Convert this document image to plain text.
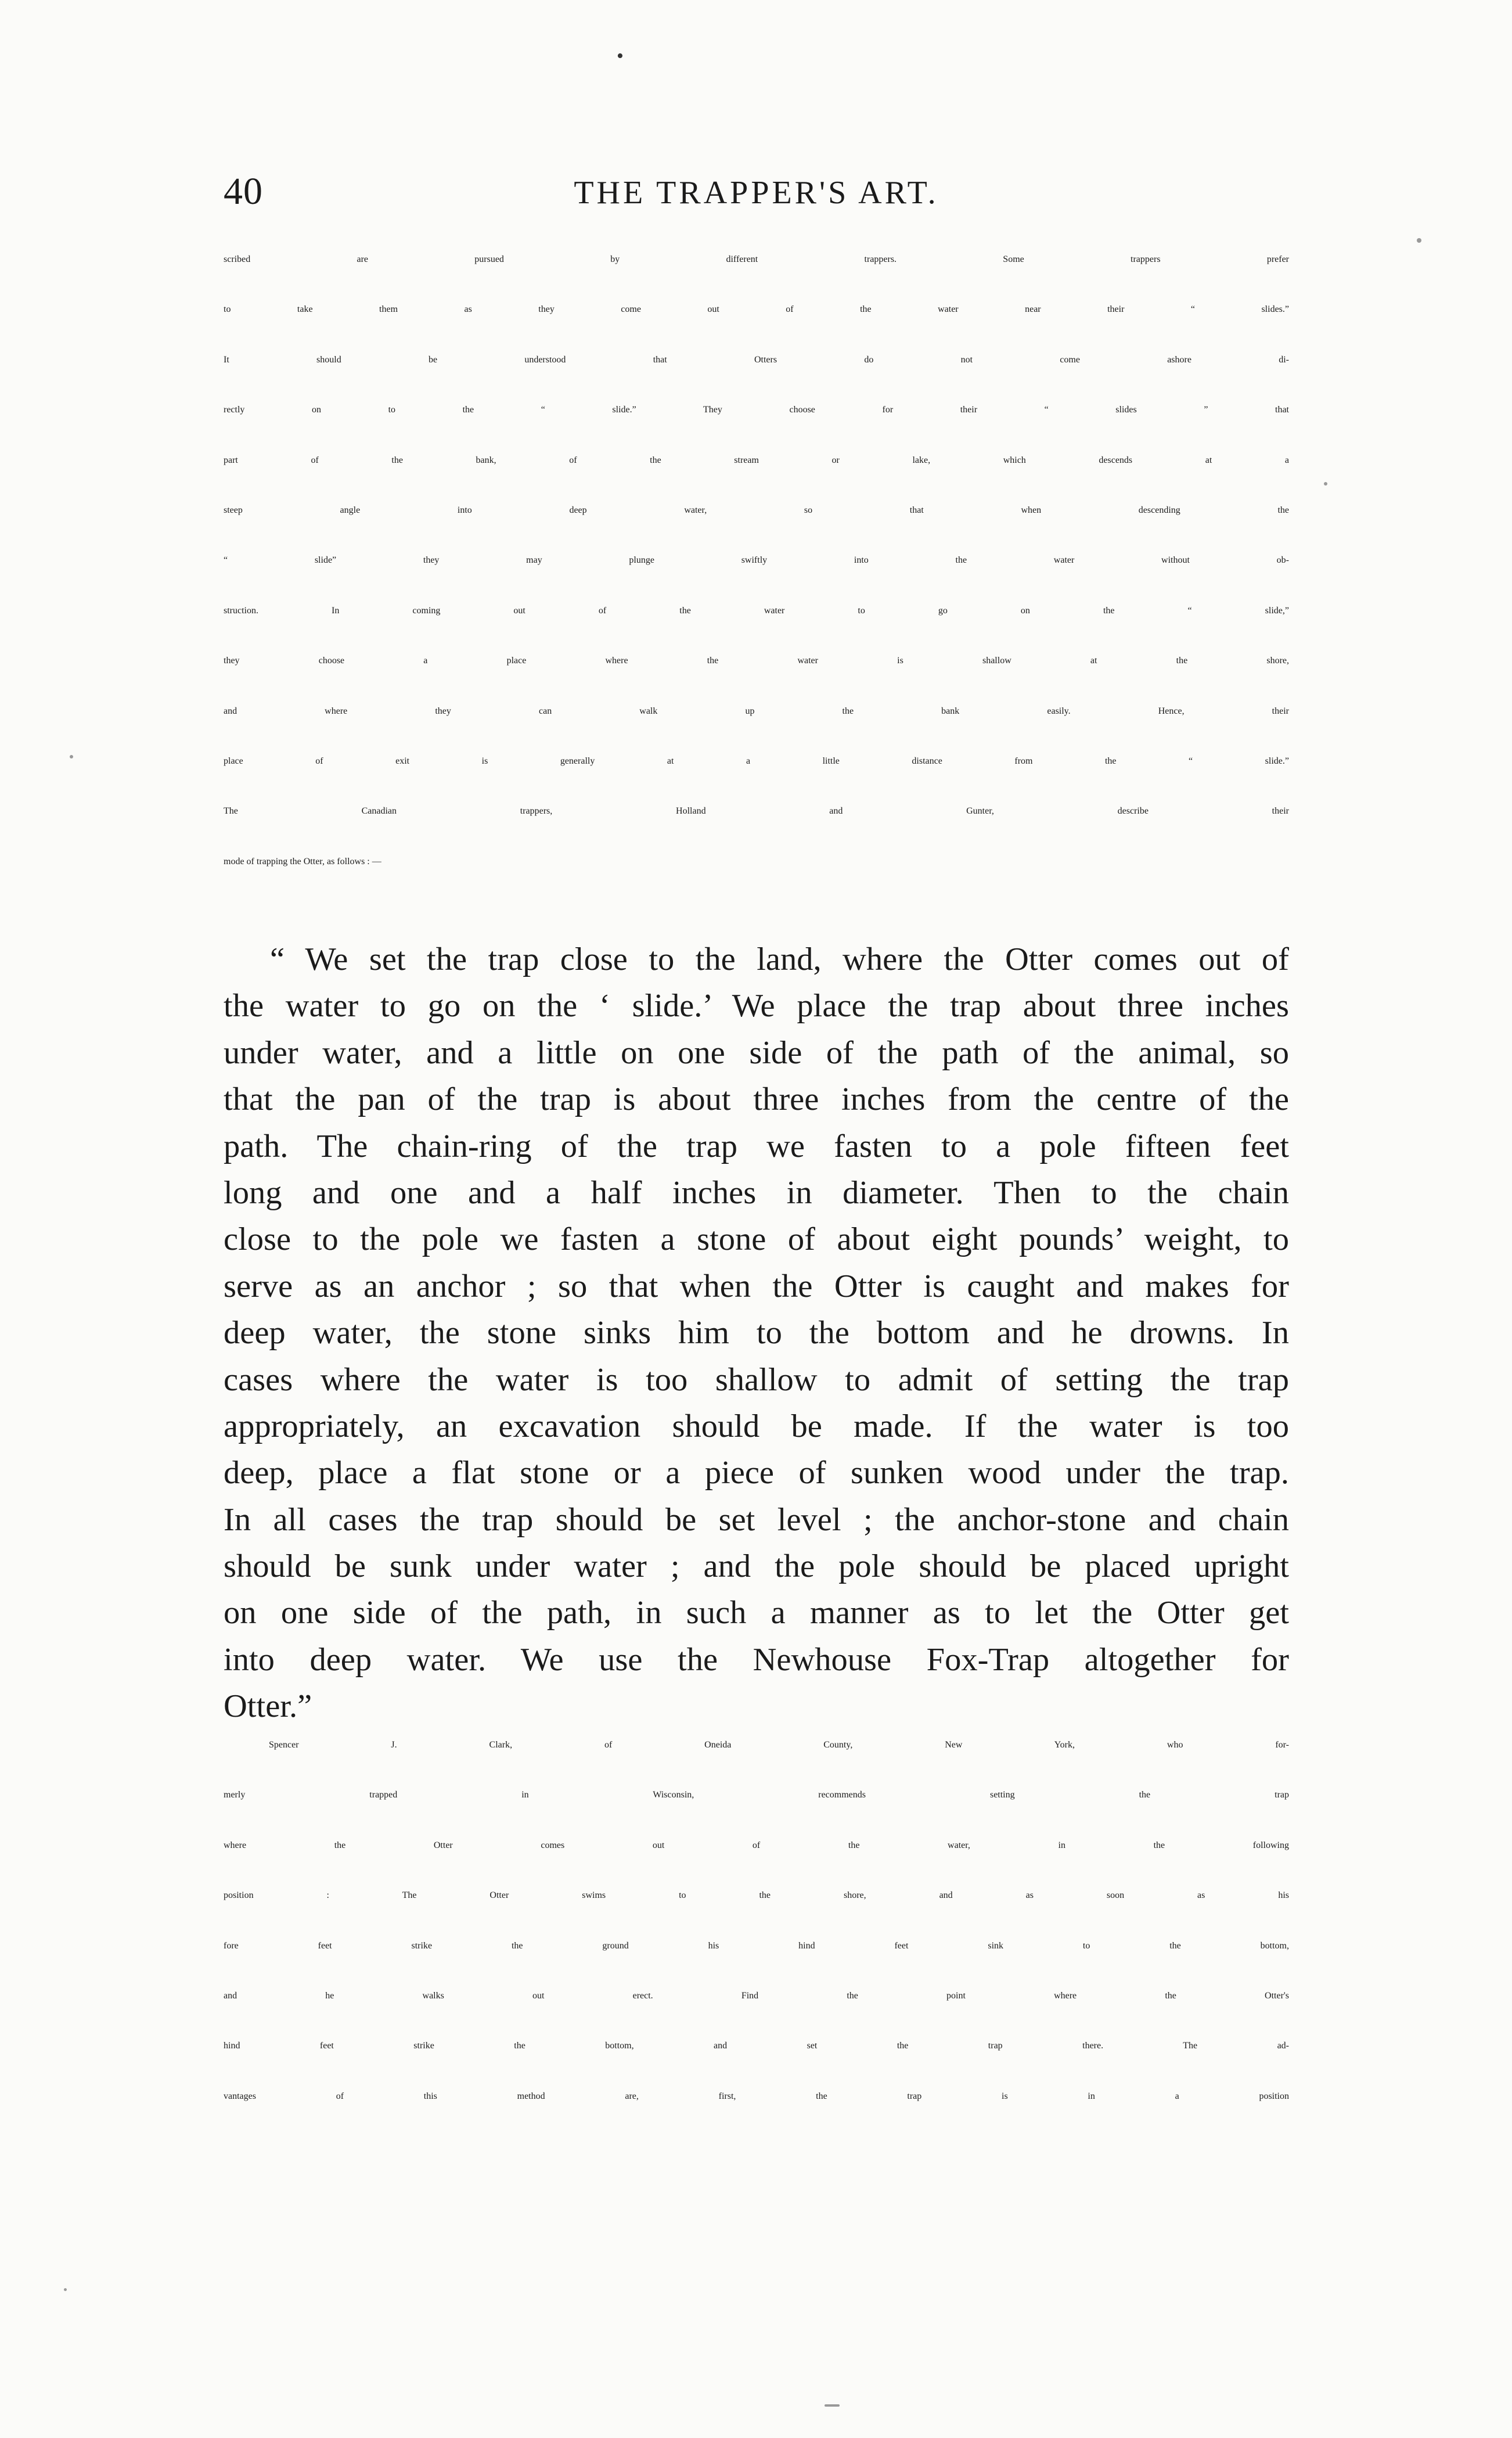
•
40	THE TRAPPER'S ART.
scribed are pursued by different trappers. Some trappers prefer
to take them as they come out of the water near their “ slides.”
It should be understood that Otters do not come ashore di-
rectly on to the “ slide.” They choose for their “ slides ” that
part of the bank, of the stream or lake, which descends at a
steep angle into deep water, so that when descending the
“ slide” they may plunge swiftly into the water without ob-
struction. In coming out of the water to go on the “ slide,”
they choose a place where the water is shallow at the shore,
and where they can walk up the bank easily. Hence, their
place of exit is generally at a little distance from the “ slide.”
The Canadian trappers, Holland and Gunter, describe their
mode of trapping the Otter, as follows : —
“ We set the trap close to the land, where the Otter comes out of
the water to go on the ‘ slide.’ We place the trap about three inches
under water, and a little on one side of the path of the animal, so
that the pan of the trap is about three inches from the centre of the
path. The chain-ring of the trap we fasten to a pole fifteen feet
long and one and a half inches in diameter. Then to the chain
close to the pole we fasten a stone of about eight pounds’ weight, to
serve as an anchor ; so that when the Otter is caught and makes for
deep water, the stone sinks him to the bottom and he drowns. In
cases where the water is too shallow to admit of setting the trap
appropriately, an excavation should be made. If the water is too
deep, place a flat stone or a piece of sunken wood under the trap.
In all cases the trap should be set level ; the anchor-stone and chain
should be sunk under water ; and the pole should be placed upright
on one side of the path, in such a manner as to let the Otter get
into deep water. We use the Newhouse Fox-Trap altogether for
Otter.”
Spencer J. Clark, of Oneida County, New York, who for-
merly trapped in Wisconsin, recommends setting the trap
where the Otter comes out of the water, in the following
position : The Otter swims to the shore, and as soon as his
fore feet strike the ground his hind feet sink to the bottom,
and he walks out erect. Find the point where the Otter's
hind feet strike the bottom, and set the trap there. The ad-
vantages of this method are, first, the trap is in a position
